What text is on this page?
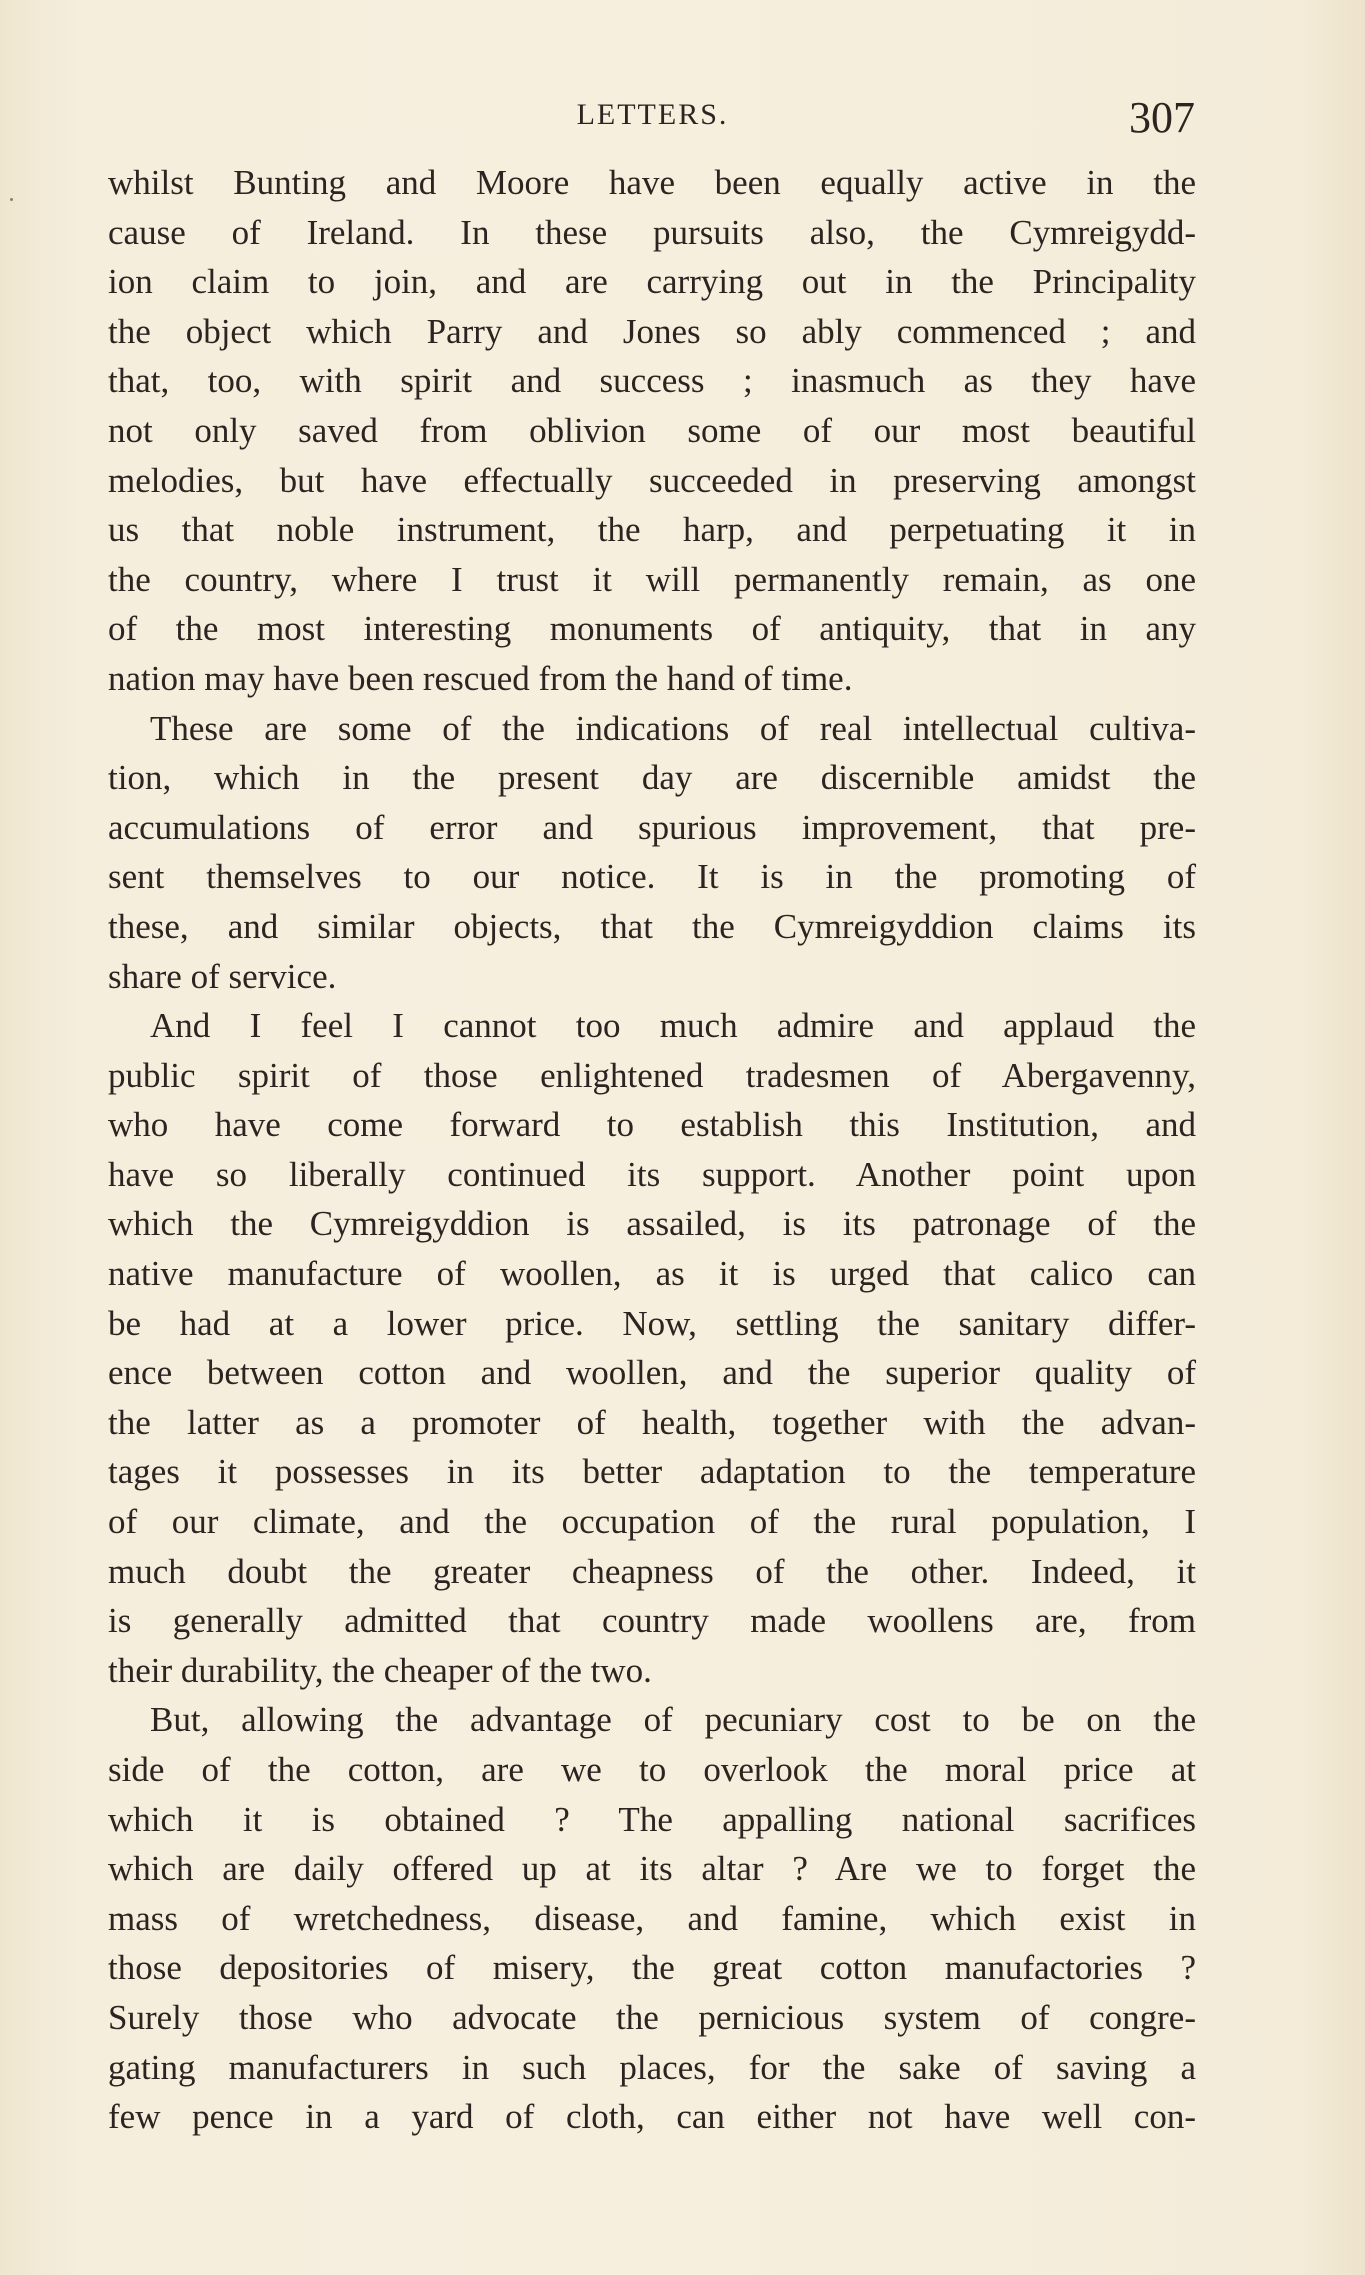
LETTERS.	307
whilst Bunting and Moore have been equally active in the
cause of Ireland. In these pursuits also, the Cymreigydd-
ion claim to join, and are carrying out in the Principality
the object which Parry and Jones so ably commenced ; and
that, too, with spirit and success ; inasmuch as they have
not only saved from oblivion some of our most beautiful
melodies, but have effectually succeeded in preserving amongst
us that noble instrument, the harp, and perpetuating it in
the country, where I trust it will permanently remain, as one
of the most interesting monuments of antiquity, that in any
nation may have been rescued from the hand of time.
These are some of the indications of real intellectual cultiva-
tion, which in the present day are discernible amidst the
accumulations of error and spurious improvement, that pre-
sent themselves to our notice. It is in the promoting of
these, and similar objects, that the Cymreigyddion claims its
share of service.
And I feel I cannot too much admire and applaud the
public spirit of those enlightened tradesmen of Abergavenny,
who have come forward to establish this Institution, and
have so liberally continued its support. Another point upon
which the Cymreigyddion is assailed, is its patronage of the
native manufacture of woollen, as it is urged that calico can
be had at a lower price. Now, settling the sanitary differ-
ence between cotton and woollen, and the superior quality of
the latter as a promoter of health, together with the advan-
tages it possesses in its better adaptation to the temperature
of our climate, and the occupation of the rural population, I
much doubt the greater cheapness of the other. Indeed, it
is generally admitted that country made woollens are, from
their durability, the cheaper of the two.
But, allowing the advantage of pecuniary cost to be on the
side of the cotton, are we to overlook the moral price at
which it is obtained ? The appalling national sacrifices
which are daily offered up at its altar ? Are we to forget the
mass of wretchedness, disease, and famine, which exist in
those depositories of misery, the great cotton manufactories ?
Surely those who advocate the pernicious system of congre-
gating manufacturers in such places, for the sake of saving a
few pence in a yard of cloth, can either not have well con-
